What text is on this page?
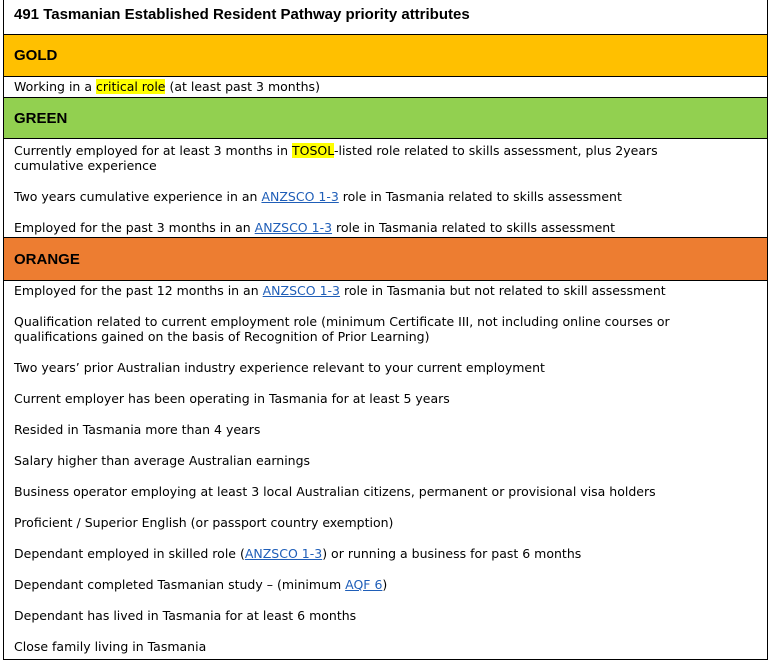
491 Tasmanian Established Resident Pathway priority attributes
GOLD
Working in a critical role (at least past 3 months)
GREEN
Currently employed for at least 3 months in TOSOL-listed role related to skills assessment, plus 2years cumulative experience
Two years cumulative experience in an ANZSCO 1-3 role in Tasmania related to skills assessment
Employed for the past 3 months in an ANZSCO 1-3 role in Tasmania related to skills assessment
ORANGE
Employed for the past 12 months in an ANZSCO 1-3 role in Tasmania but not related to skill assessment
Qualification related to current employment role (minimum Certificate III, not including online courses or qualifications gained on the basis of Recognition of Prior Learning)
Two years’ prior Australian industry experience relevant to your current employment
Current employer has been operating in Tasmania for at least 5 years
Resided in Tasmania more than 4 years
Salary higher than average Australian earnings
Business operator employing at least 3 local Australian citizens, permanent or provisional visa holders
Proficient / Superior English (or passport country exemption)
Dependant employed in skilled role (ANZSCO 1-3) or running a business for past 6 months
Dependant completed Tasmanian study – (minimum AQF 6)
Dependant has lived in Tasmania for at least 6 months
Close family living in Tasmania
